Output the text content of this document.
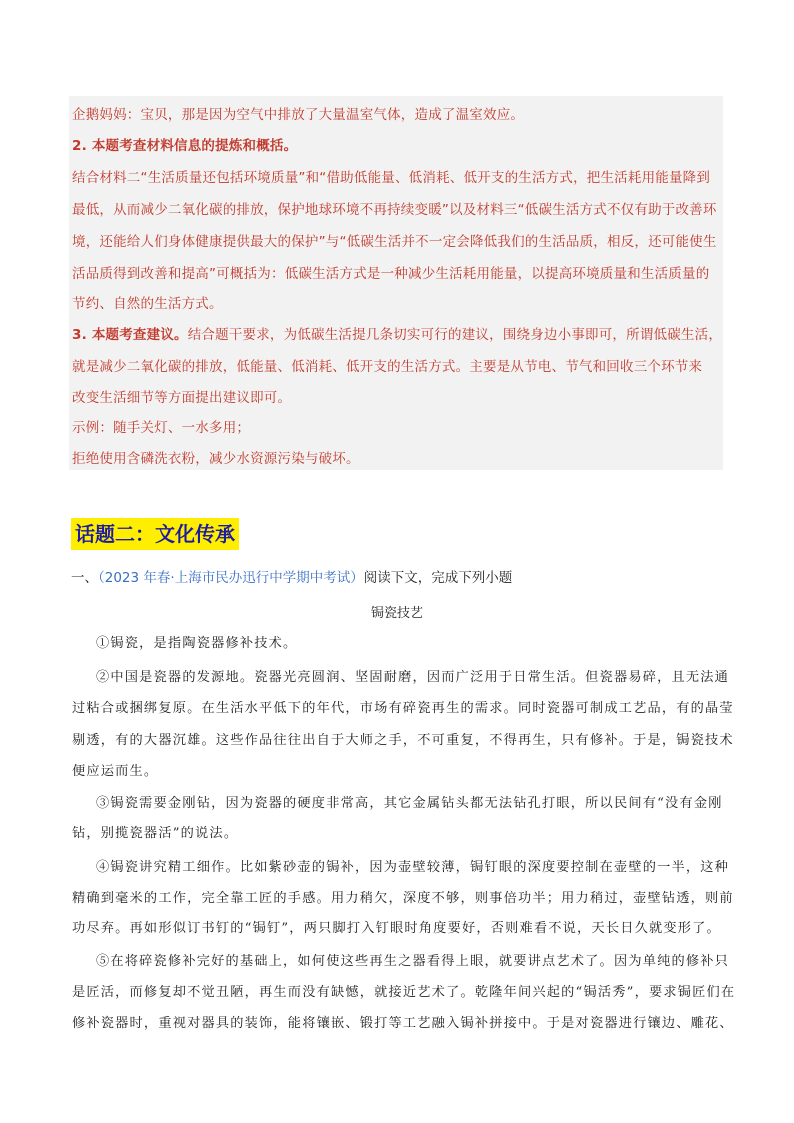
企鹅妈妈：宝贝，那是因为空气中排放了大量温室气体，造成了温室效应。
2. 本题考查材料信息的提炼和概括。
结合材料二“生活质量还包括环境质量”和“借助低能量、低消耗、低开支的生活方式，把生活耗用能量降到
最低，从而减少二氧化碳的排放，保护地球环境不再持续变暖”以及材料三“低碳生活方式不仅有助于改善环
境，还能给人们身体健康提供最大的保护”与“低碳生活并不一定会降低我们的生活品质，相反，还可能使生
活品质得到改善和提高”可概括为：低碳生活方式是一种减少生活耗用能量，以提高环境质量和生活质量的
节约、自然的生活方式。
3. 本题考查建议。结合题干要求，为低碳生活提几条切实可行的建议，围绕身边小事即可，所谓低碳生活，
就是减少二氧化碳的排放，低能量、低消耗、低开支的生活方式。主要是从节电、节气和回收三个环节来
改变生活细节等方面提出建议即可。
示例：随手关灯、一水多用；
拒绝使用含磷洗衣粉，减少水资源污染与破坏。
话题二：文化传承
一、（2023 年春·上海市民办迅行中学期中考试）阅读下文，完成下列小题
锔瓷技艺
①锔瓷，是指陶瓷器修补技术。
②中国是瓷器的发源地。瓷器光亮圆润、坚固耐磨，因而广泛用于日常生活。但瓷器易碎，且无法通
过粘合或捆绑复原。在生活水平低下的年代，市场有碎瓷再生的需求。同时瓷器可制成工艺品，有的晶莹
剔透，有的大器沉雄。这些作品往往出自于大师之手，不可重复，不得再生，只有修补。于是，锔瓷技术
便应运而生。
③锔瓷需要金刚钻，因为瓷器的硬度非常高，其它金属钻头都无法钻孔打眼，所以民间有“没有金刚
钻，别揽瓷器活”的说法。
④锔瓷讲究精工细作。比如紫砂壶的锔补，因为壶壁较薄，锔钉眼的深度要控制在壶壁的一半，这种
精确到毫米的工作，完全靠工匠的手感。用力稍欠，深度不够，则事倍功半；用力稍过，壶壁钻透，则前
功尽弃。再如形似订书钉的“锔钉”，两只脚打入钉眼时角度要好，否则难看不说，天长日久就变形了。
⑤在将碎瓷修补完好的基础上，如何使这些再生之器看得上眼，就要讲点艺术了。因为单纯的修补只
是匠活，而修复却不觉丑陋，再生而没有缺憾，就接近艺术了。乾隆年间兴起的“锔活秀”，要求锔匠们在
修补瓷器时，重视对器具的装饰，能将镶嵌、锻打等工艺融入锔补拼接中。于是对瓷器进行镶边、雕花、
